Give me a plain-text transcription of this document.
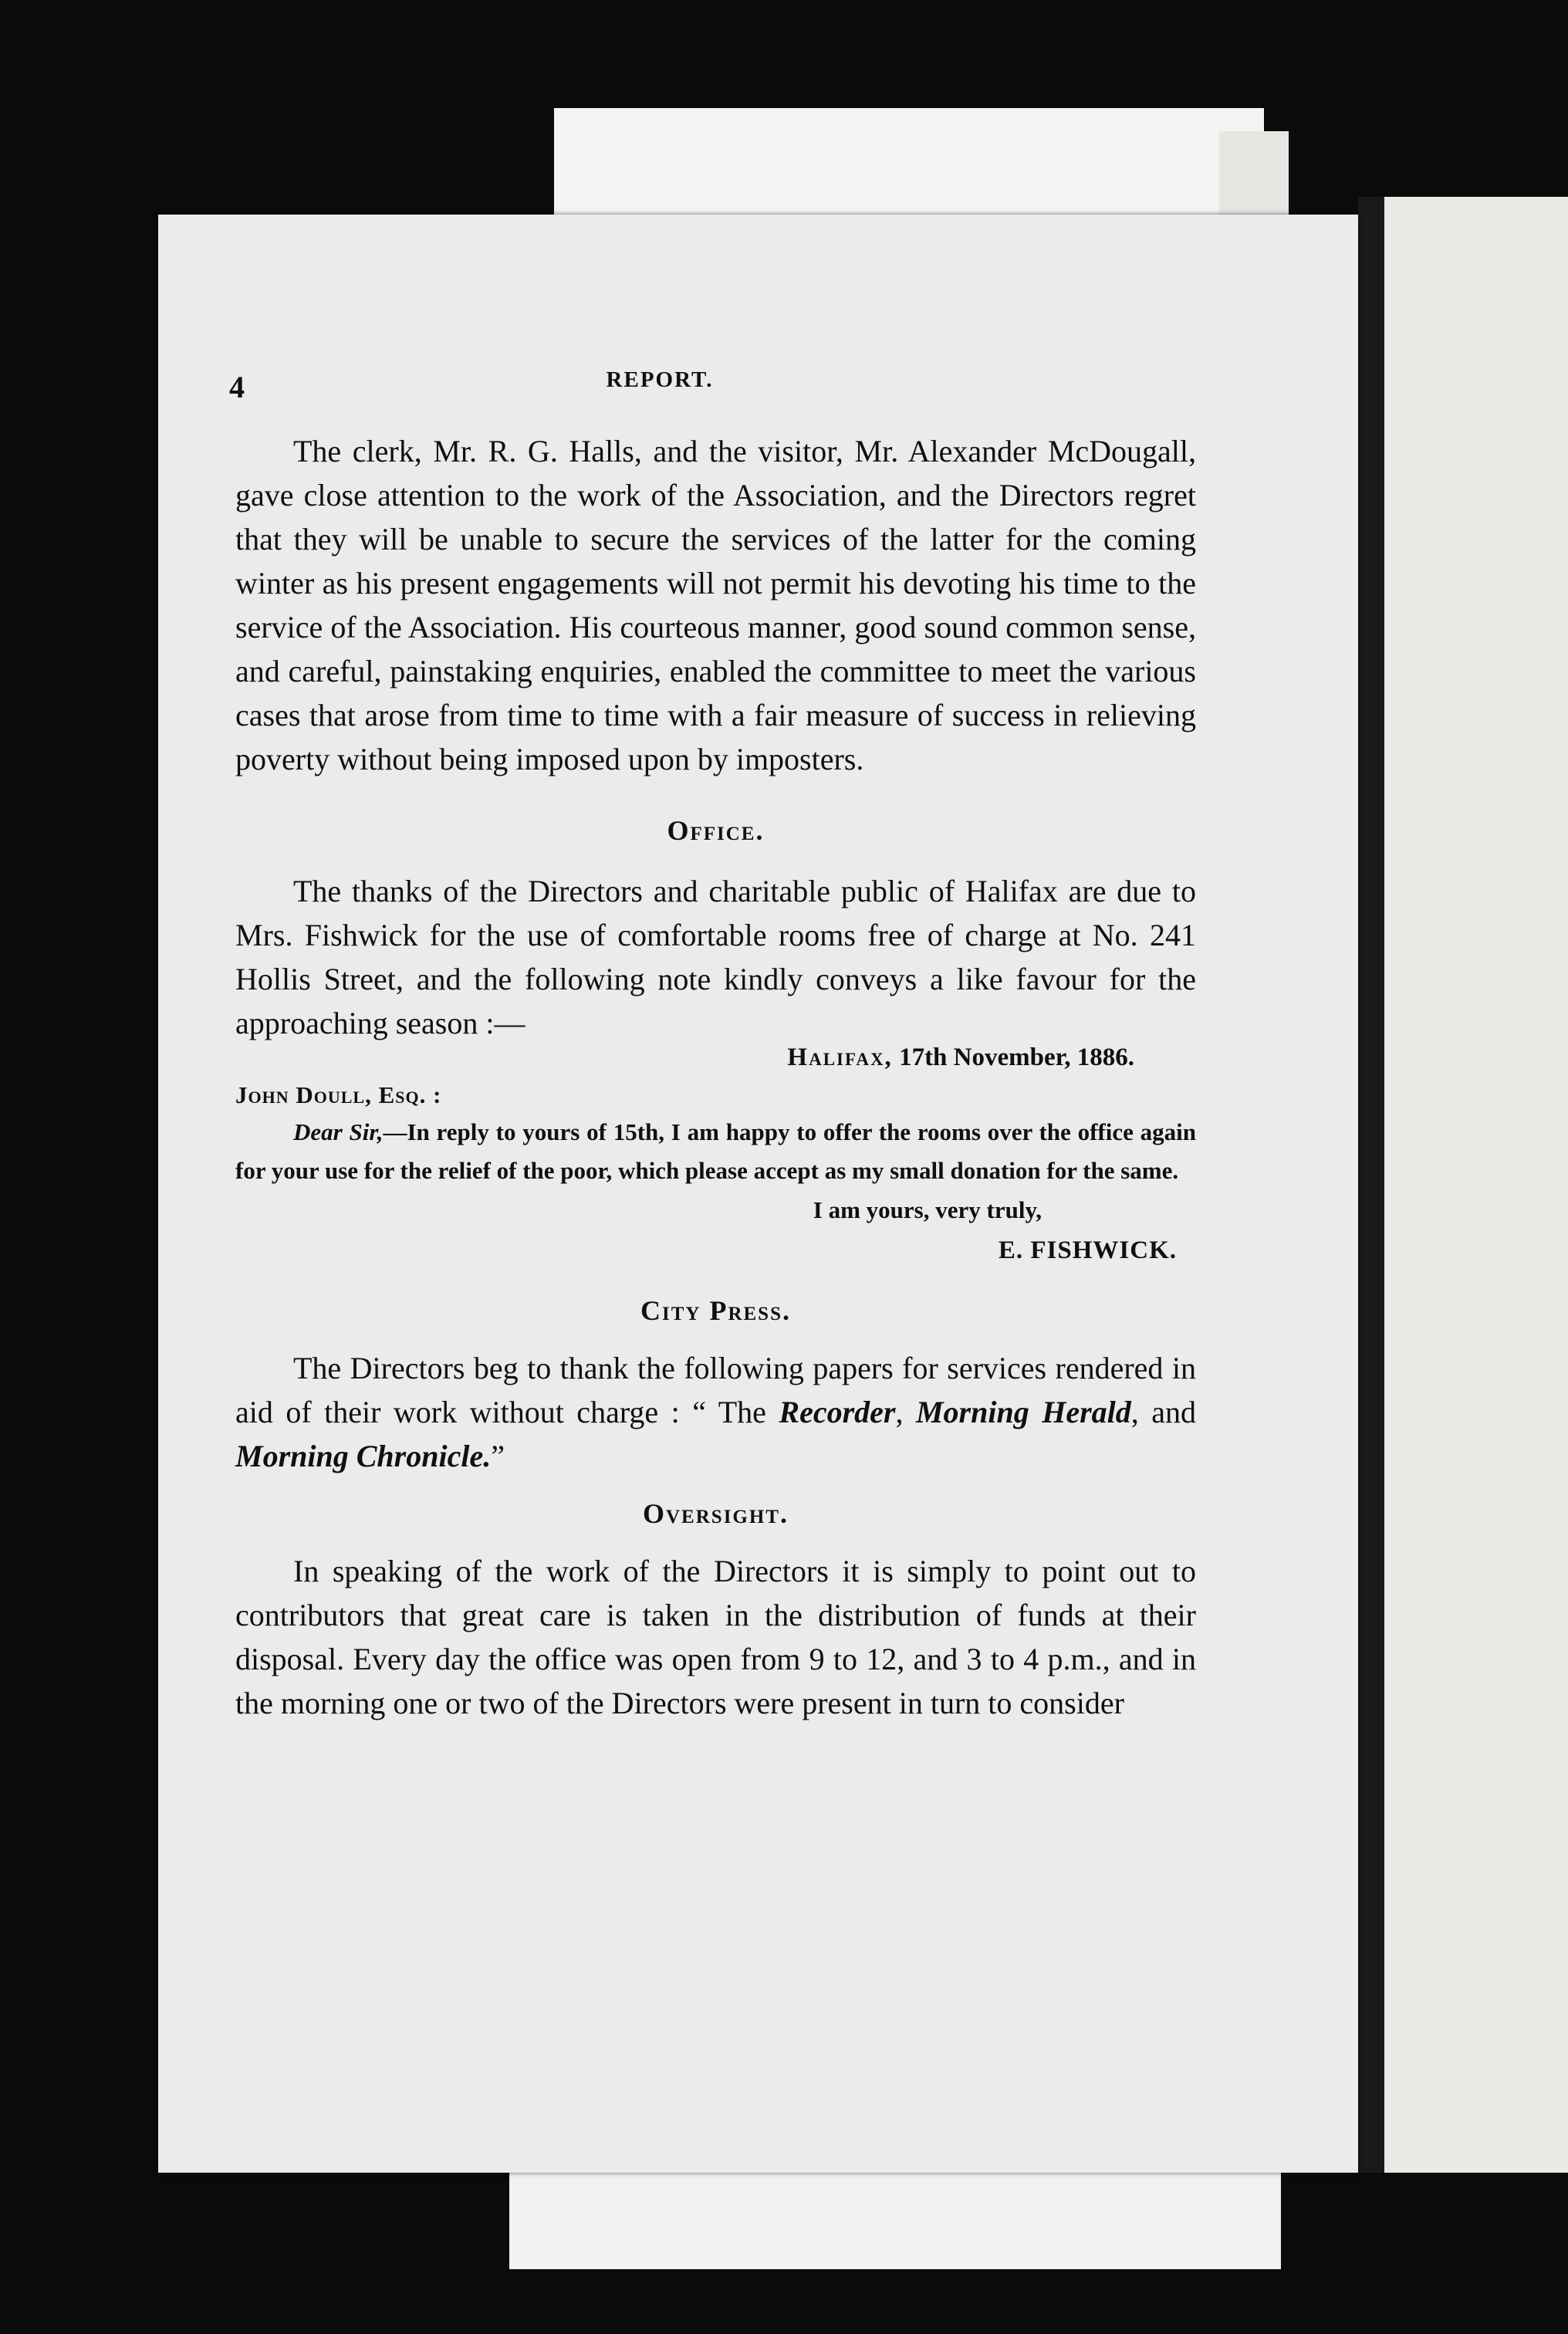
4	REPORT.

The clerk, Mr. R. G. Halls, and the visitor, Mr. Alexander McDougall, gave close attention to the work of the Association, and the Directors regret that they will be unable to secure the services of the latter for the coming winter as his present engagements will not permit his devoting his time to the service of the Association. His courteous manner, good sound common sense, and careful, painstaking enquiries, enabled the committee to meet the various cases that arose from time to time with a fair measure of success in relieving poverty without being imposed upon by imposters.

Office.

The thanks of the Directors and charitable public of Halifax are due to Mrs. Fishwick for the use of comfortable rooms free of charge at No. 241 Hollis Street, and the following note kindly conveys a like favour for the approaching season :—

Halifax, 17th November, 1886.
John Doull, Esq. :

Dear Sir,—In reply to yours of 15th, I am happy to offer the rooms over the office again for your use for the relief of the poor, which please accept as my small donation for the same.

I am yours, very truly,
E. FISHWICK.
City Press.

The Directors beg to thank the following papers for services rendered in aid of their work without charge : “ The Recorder, Morning Herald, and Morning Chronicle.”

Oversight.

In speaking of the work of the Directors it is simply to point out to contributors that great care is taken in the distribution of funds at their disposal. Every day the office was open from 9 to 12, and 3 to 4 p.m., and in the morning one or two of the Directors were present in turn to consider
